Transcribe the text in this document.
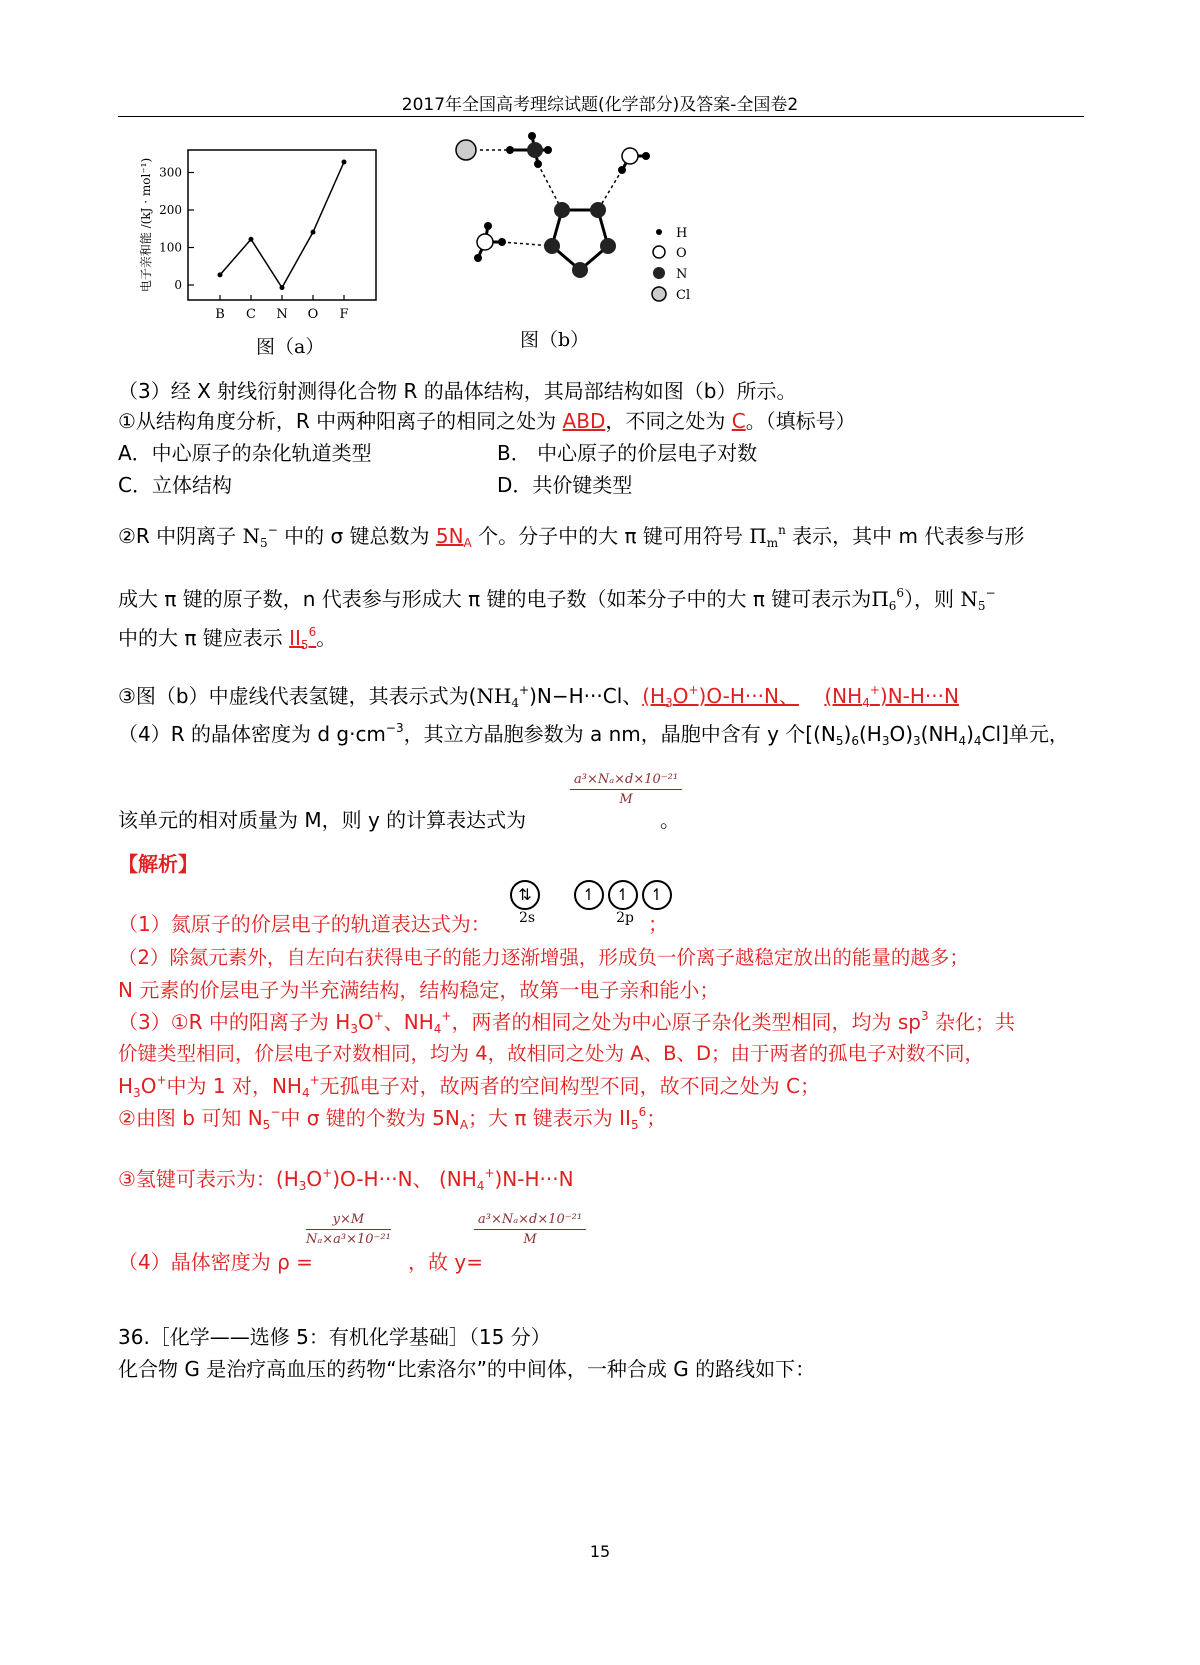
2017年全国高考理综试题(化学部分)及答案-全国卷2
电子亲和能 /(kJ · mol⁻¹) 0
100
200
300
B C N O F
图（a）
H
O
N
Cl
图（b）
（3）经 X 射线衍射测得化合物 R 的晶体结构，其局部结构如图（b）所示。
①从结构角度分析，R 中两种阳离子的相同之处为 ABD，不同之处为 C。（填标号）
A．中心原子的杂化轨道类型	B． 中心原子的价层电子对数
C．立体结构	D．共价键类型
②R 中阴离子 $N_5^-$ 中的 σ 键总数为 $5N_A$ 个。分子中的大 π 键可用符号 $\Pi_m^n$ 表示，其中 m 代表参与形
成大 π 键的原子数，n 代表参与形成大 π 键的电子数（如苯分子中的大 π 键可表示为$\Pi_6^6$），则 $N_5^-$
中的大 π 键应表示 $II_5^6$。
③图（b）中虚线代表氢键，其表示式为$(NH_4^+)N-H\cdot\cdot\cdot Cl$、$(H_3O^+)O-H\cdot\cdot\cdot N$、 $(NH_4^+)N-H\cdot\cdot\cdot N$
（4）R 的晶体密度为 d $g\cdot cm^{-3}$，其立方晶胞参数为 a nm，晶胞中含有 y 个$[(N_5)_6(H_3O)_3(NH_4)_4Cl]$单元，
该单元的相对质量为 M，则 y 的计算表达式为
$\frac{\text{a³×Nₐ×d×10⁻²¹}}{M}$
。
【解析】
（1）氮原子的价层电子的轨道表达式为：
⇅
2s
↿ ↿ ↿
2p ；
（2）除氮元素外，自左向右获得电子的能力逐渐增强，形成负一价离子越稳定放出的能量的越多；
N 元素的价层电子为半充满结构，结构稳定，故第一电子亲和能小；
（3）①R 中的阳离子为 $H_3O^+$、$NH_4^+$，两者的相同之处为中心原子杂化类型相同，均为 $sp^3$ 杂化；共
价键类型相同，价层电子对数相同，均为 4，故相同之处为 A、B、D；由于两者的孤电子对数不同，
$H_3O^+$中为 1 对，$NH_4^+$无孤电子对，故两者的空间构型不同，故不同之处为 C；
②由图 b 可知 $N_5^-$中 σ 键的个数为 $5N_A$；大 π 键表示为 $II_5^6$；
③氢键可表示为：$(H_3O^+)O-H\cdot\cdot\cdot N$、 $(NH_4^+)N-H\cdot\cdot\cdot N$
（4）晶体密度为 ρ =
$\frac{y\times M}{\text{Nₐ×a³×10⁻²¹}}$
，故 y=
$\frac{\text{a³×Nₐ×d×10⁻²¹}}{M}$
36.［化学——选修 5：有机化学基础］（15 分）
化合物 G 是治疗高血压的药物“比索洛尔”的中间体，一种合成 G 的路线如下：
15
